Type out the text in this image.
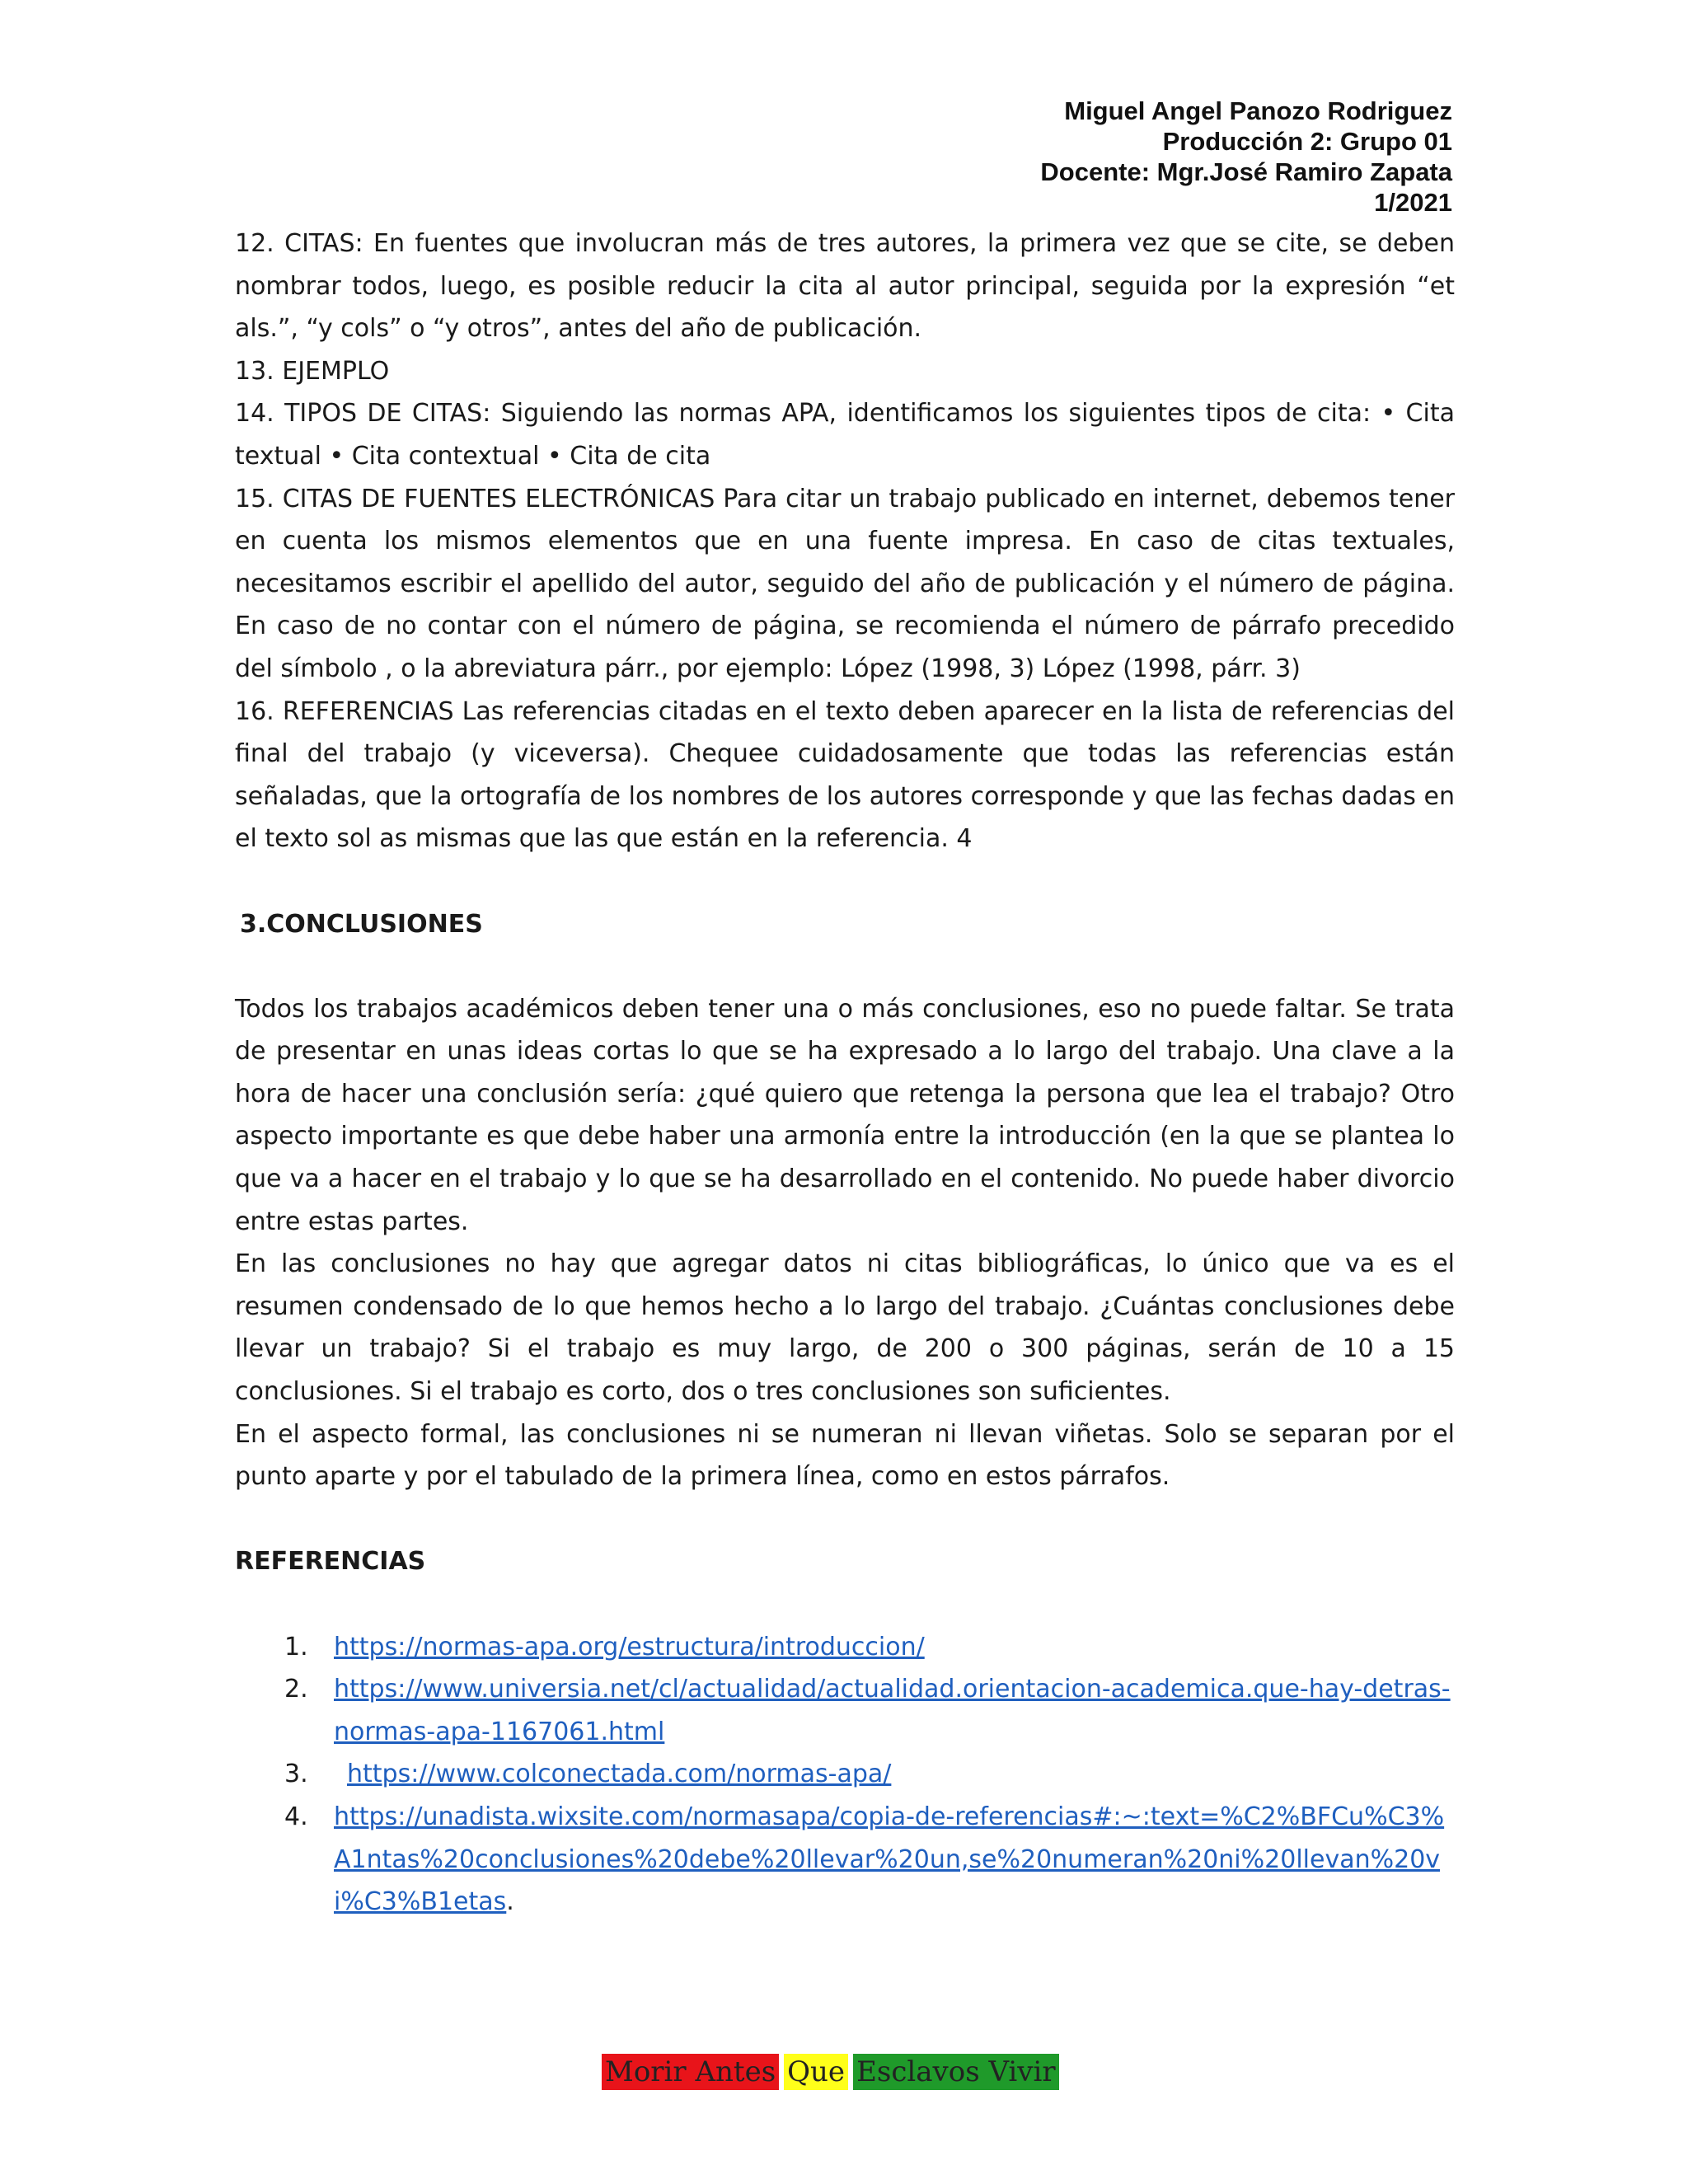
Miguel Angel Panozo Rodriguez
Producción 2: Grupo 01
Docente: Mgr.José Ramiro Zapata
1/2021

12. CITAS: En fuentes que involucran más de tres autores, la primera vez que se cite, se deben nombrar todos, luego, es posible reducir la cita al autor principal, seguida por la expresión “et als.”, “y cols” o “y otros”, antes del año de publicación.

13. EJEMPLO

14. TIPOS DE CITAS: Siguiendo las normas APA, identificamos los siguientes tipos de cita: • Cita textual • Cita contextual • Cita de cita

15. CITAS DE FUENTES ELECTRÓNICAS Para citar un trabajo publicado en internet, debemos tener en cuenta los mismos elementos que en una fuente impresa. En caso de citas textuales, necesitamos escribir el apellido del autor, seguido del año de publicación y el número de página. En caso de no contar con el número de página, se recomienda el número de párrafo precedido del símbolo , o la abreviatura párr., por ejemplo: López (1998, 3) López (1998, párr. 3)

16. REFERENCIAS Las referencias citadas en el texto deben aparecer en la lista de referencias del final del trabajo (y viceversa). Chequee cuidadosamente que todas las referencias están señaladas, que la ortografía de los nombres de los autores corresponde y que las fechas dadas en el texto sol as mismas que las que están en la referencia. 4

3.CONCLUSIONES

Todos los trabajos académicos deben tener una o más conclusiones, eso no puede faltar. Se trata de presentar en unas ideas cortas lo que se ha expresado a lo largo del trabajo. Una clave a la hora de hacer una conclusión sería: ¿qué quiero que retenga la persona que lea el trabajo? Otro aspecto importante es que debe haber una armonía entre la introducción (en la que se plantea lo que va a hacer en el trabajo y lo que se ha desarrollado en el contenido. No puede haber divorcio entre estas partes.

En las conclusiones no hay que agregar datos ni citas bibliográficas, lo único que va es el resumen condensado de lo que hemos hecho a lo largo del trabajo. ¿Cuántas conclusiones debe llevar un trabajo? Si el trabajo es muy largo, de 200 o 300 páginas, serán de 10 a 15 conclusiones. Si el trabajo es corto, dos o tres conclusiones son suficientes.

En el aspecto formal, las conclusiones ni se numeran ni llevan viñetas. Solo se separan por el punto aparte y por el tabulado de la primera línea, como en estos párrafos.

REFERENCIAS

1.	https://normas-apa.org/estructura/introduccion/
2.	https://www.universia.net/cl/actualidad/actualidad.orientacion-academica.que-hay-detras-normas-apa-1167061.html
3.	https://www.colconectada.com/normas-apa/
4.	https://unadista.wixsite.com/normasapa/copia-de-referencias#:~:text=%C2%BFCu%C3%A1ntas%20conclusiones%20debe%20llevar%20un,se%20numeran%20ni%20llevan%20vi%C3%B1etas.
Morir Antes Que Esclavos Vivir
